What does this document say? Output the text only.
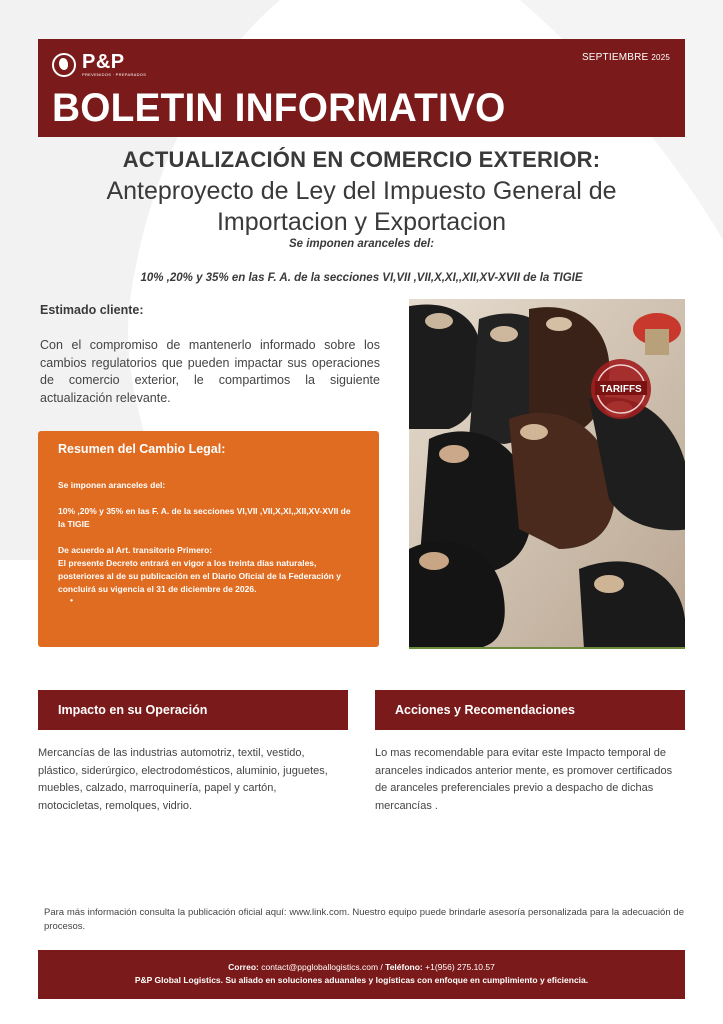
P&P
PREVENIDOS · PREPARADOS
SEPTIEMBRE 2025
BOLETIN INFORMATIVO
ACTUALIZACIÓN EN COMERCIO EXTERIOR:
Anteproyecto de Ley del Impuesto General de
Importacion y Exportacion
Se imponen aranceles del:
10% ,20% y 35% en las F. A. de la secciones VI,VII ,VII,X,XI,,XII,XV-XVII de la TIGIE
Estimado cliente:
Con el compromiso de mantenerlo informado sobre los cambios regulatorios que pueden impactar sus operaciones de comercio exterior, le compartimos la siguiente actualización relevante.
Resumen del Cambio Legal:

Se imponen aranceles del:

10% ,20% y 35% en las F. A. de la secciones VI,VII ,VII,X,XI,,XII,XV-XVII de la TIGIE

De acuerdo al Art. transitorio Primero:
El presente Decreto entrará en vigor a los treinta días naturales, posteriores al de su publicación en el Diario Oficial de la Federación y concluirá su vigencia el 31 de diciembre de 2026.
•
TARIFFS
Impacto en su Operación	Acciones y Recomendaciones
Mercancías de las industrias automotriz, textil, vestido, plástico, siderúrgico, electrodomésticos, aluminio, juguetes, muebles, calzado, marroquinería, papel y cartón, motocicletas, remolques, vidrio.
Lo mas recomendable para evitar este Impacto temporal de aranceles indicados anterior mente, es promover certificados de aranceles preferenciales previo a despacho de dichas mercancías .
Para más información consulta la publicación oficial aquí: www.link.com. Nuestro equipo puede brindarle asesoría personalizada para la adecuación de procesos.
Correo: contact@ppgloballogistics.com / Teléfono: +1(956) 275.10.57
P&P Global Logistics. Su aliado en soluciones aduanales y logísticas con enfoque en cumplimiento y eficiencia.
